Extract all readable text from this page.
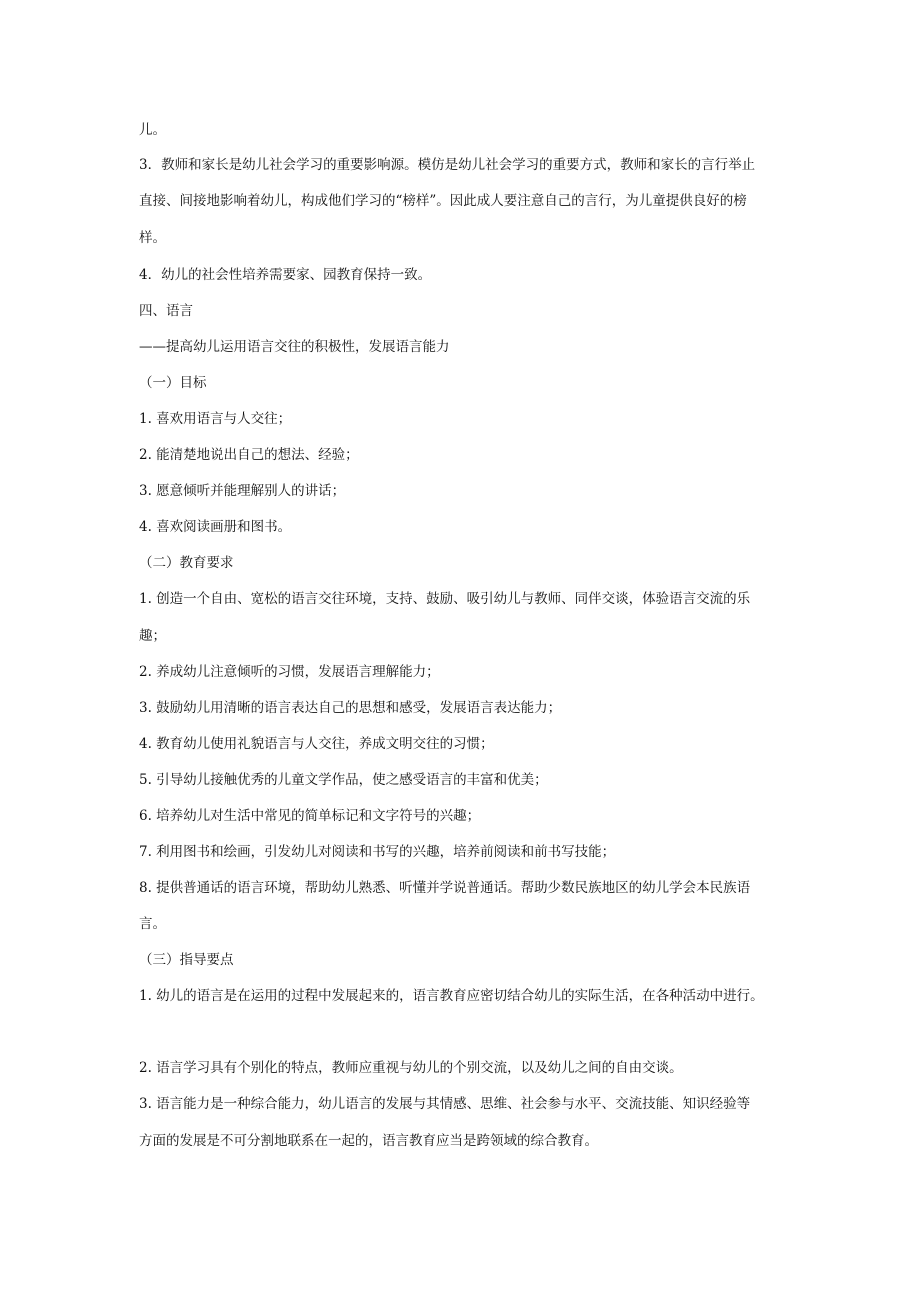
儿。
3．教师和家长是幼儿社会学习的重要影响源。模仿是幼儿社会学习的重要方式，教师和家长的言行举止
直接、间接地影响着幼儿，构成他们学习的“榜样”。因此成人要注意自己的言行，为儿童提供良好的榜
样。
4．幼儿的社会性培养需要家、园教育保持一致。
四、语言
——提高幼儿运用语言交往的积极性，发展语言能力
（一）目标
1. 喜欢用语言与人交往；
2. 能清楚地说出自己的想法、经验；
3. 愿意倾听并能理解别人的讲话；
4. 喜欢阅读画册和图书。
（二）教育要求
1. 创造一个自由、宽松的语言交往环境，支持、鼓励、吸引幼儿与教师、同伴交谈，体验语言交流的乐
趣；
2. 养成幼儿注意倾听的习惯，发展语言理解能力；
3. 鼓励幼儿用清晰的语言表达自己的思想和感受，发展语言表达能力；
4. 教育幼儿使用礼貌语言与人交往，养成文明交往的习惯；
5. 引导幼儿接触优秀的儿童文学作品，使之感受语言的丰富和优美；
6. 培养幼儿对生活中常见的简单标记和文字符号的兴趣；
7. 利用图书和绘画，引发幼儿对阅读和书写的兴趣，培养前阅读和前书写技能；
8. 提供普通话的语言环境，帮助幼儿熟悉、听懂并学说普通话。帮助少数民族地区的幼儿学会本民族语
言。
（三）指导要点
1. 幼儿的语言是在运用的过程中发展起来的，语言教育应密切结合幼儿的实际生活，在各种活动中进行。
2. 语言学习具有个别化的特点，教师应重视与幼儿的个别交流，以及幼儿之间的自由交谈。
3. 语言能力是一种综合能力，幼儿语言的发展与其情感、思维、社会参与水平、交流技能、知识经验等
方面的发展是不可分割地联系在一起的，语言教育应当是跨领域的综合教育。
